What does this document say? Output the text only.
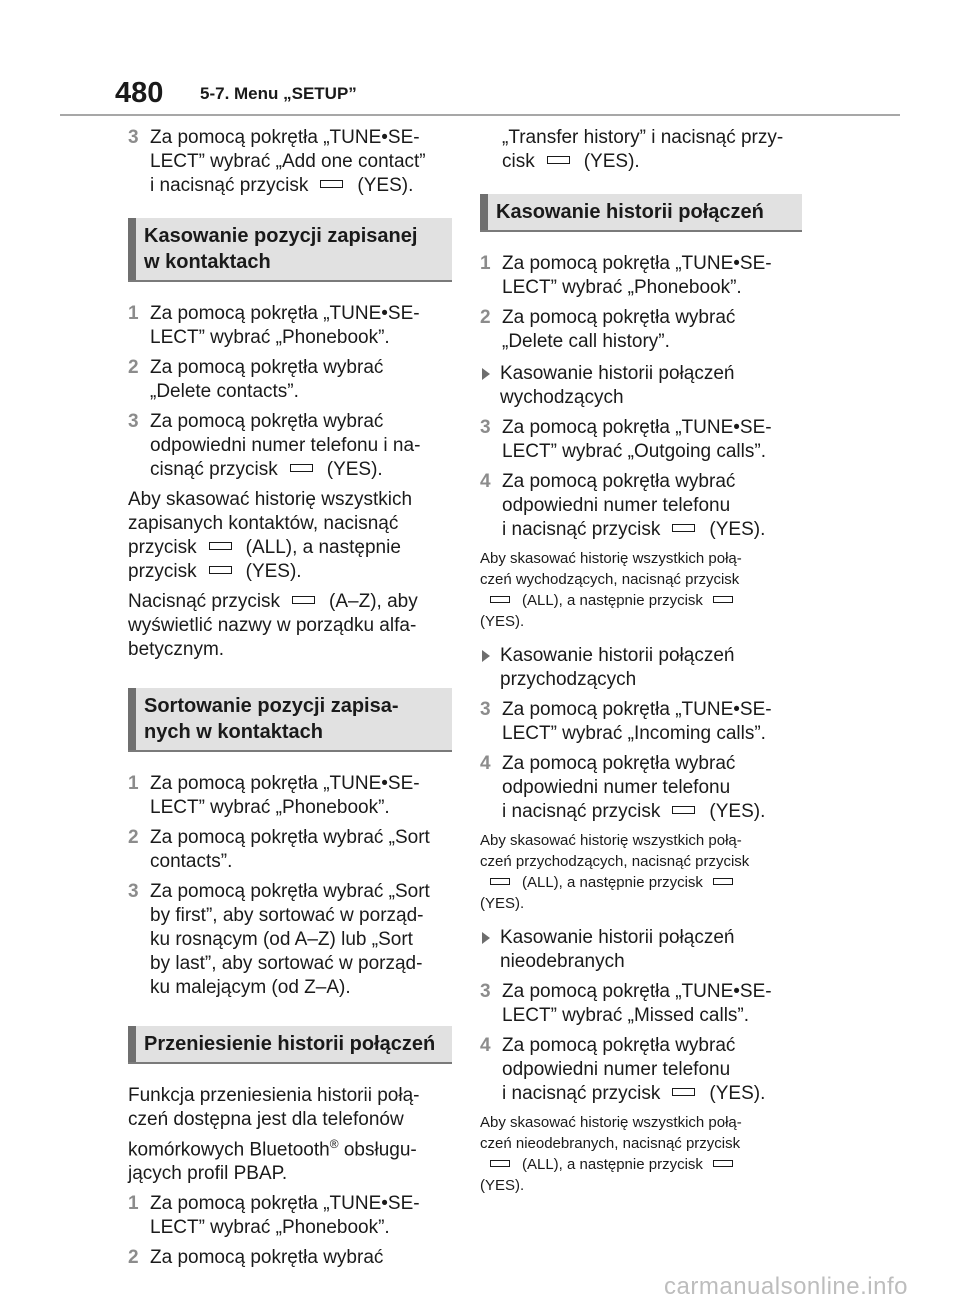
480 5-7. Menu „SETUP”
3 Za pomocą pokrętła „TUNE•SE-
LECT” wybrać „Add one contact”
i nacisnąć przycisk	(YES).
Kasowanie pozycji zapisanej
w kontaktach
1 Za pomocą pokrętła „TUNE•SE-
LECT” wybrać „Phonebook”.
2 Za pomocą pokrętła wybrać
„Delete contacts”.
3 Za pomocą pokrętła wybrać
odpowiedni numer telefonu i na-
cisnąć przycisk	(YES).
Aby skasować historię wszystkich
zapisanych kontaktów, nacisnąć
przycisk	(ALL), a następnie
przycisk	(YES).
Nacisnąć przycisk	(A–Z), aby
wyświetlić nazwy w porządku alfa-
betycznym.
Sortowanie pozycji zapisa-
nych w kontaktach
1 Za pomocą pokrętła „TUNE•SE-
LECT” wybrać „Phonebook”.
2 Za pomocą pokrętła wybrać „Sort
contacts”.
3 Za pomocą pokrętła wybrać „Sort
by first”, aby sortować w porząd-
ku rosnącym (od A–Z) lub „Sort
by last”, aby sortować w porząd-
ku malejącym (od Z–A).
Przeniesienie historii połączeń
Funkcja przeniesienia historii połą-
czeń dostępna jest dla telefonów
komórkowych Bluetooth® obsługu-
jących profil PBAP.
1 Za pomocą pokrętła „TUNE•SE-
LECT” wybrać „Phonebook”.
2 Za pomocą pokrętła wybrać
„Transfer history” i nacisnąć przy-
cisk	(YES).
Kasowanie historii połączeń
1 Za pomocą pokrętła „TUNE•SE-
LECT” wybrać „Phonebook”.
2 Za pomocą pokrętła wybrać
„Delete call history”.
Kasowanie historii połączeń
wychodzących
3 Za pomocą pokrętła „TUNE•SE-
LECT” wybrać „Outgoing calls”.
4 Za pomocą pokrętła wybrać
odpowiedni numer telefonu
i nacisnąć przycisk	(YES).
Aby skasować historię wszystkich połą-
czeń wychodzących, nacisnąć przycisk
(ALL), a następnie przycisk
(YES).
Kasowanie historii połączeń
przychodzących
3 Za pomocą pokrętła „TUNE•SE-
LECT” wybrać „Incoming calls”.
4 Za pomocą pokrętła wybrać
odpowiedni numer telefonu
i nacisnąć przycisk	(YES).
Aby skasować historię wszystkich połą-
czeń przychodzących, nacisnąć przycisk
(ALL), a następnie przycisk
(YES).
Kasowanie historii połączeń
nieodebranych
3 Za pomocą pokrętła „TUNE•SE-
LECT” wybrać „Missed calls”.
4 Za pomocą pokrętła wybrać
odpowiedni numer telefonu
i nacisnąć przycisk	(YES).
Aby skasować historię wszystkich połą-
czeń nieodebranych, nacisnąć przycisk
(ALL), a następnie przycisk
(YES).
carmanualsonline.info
